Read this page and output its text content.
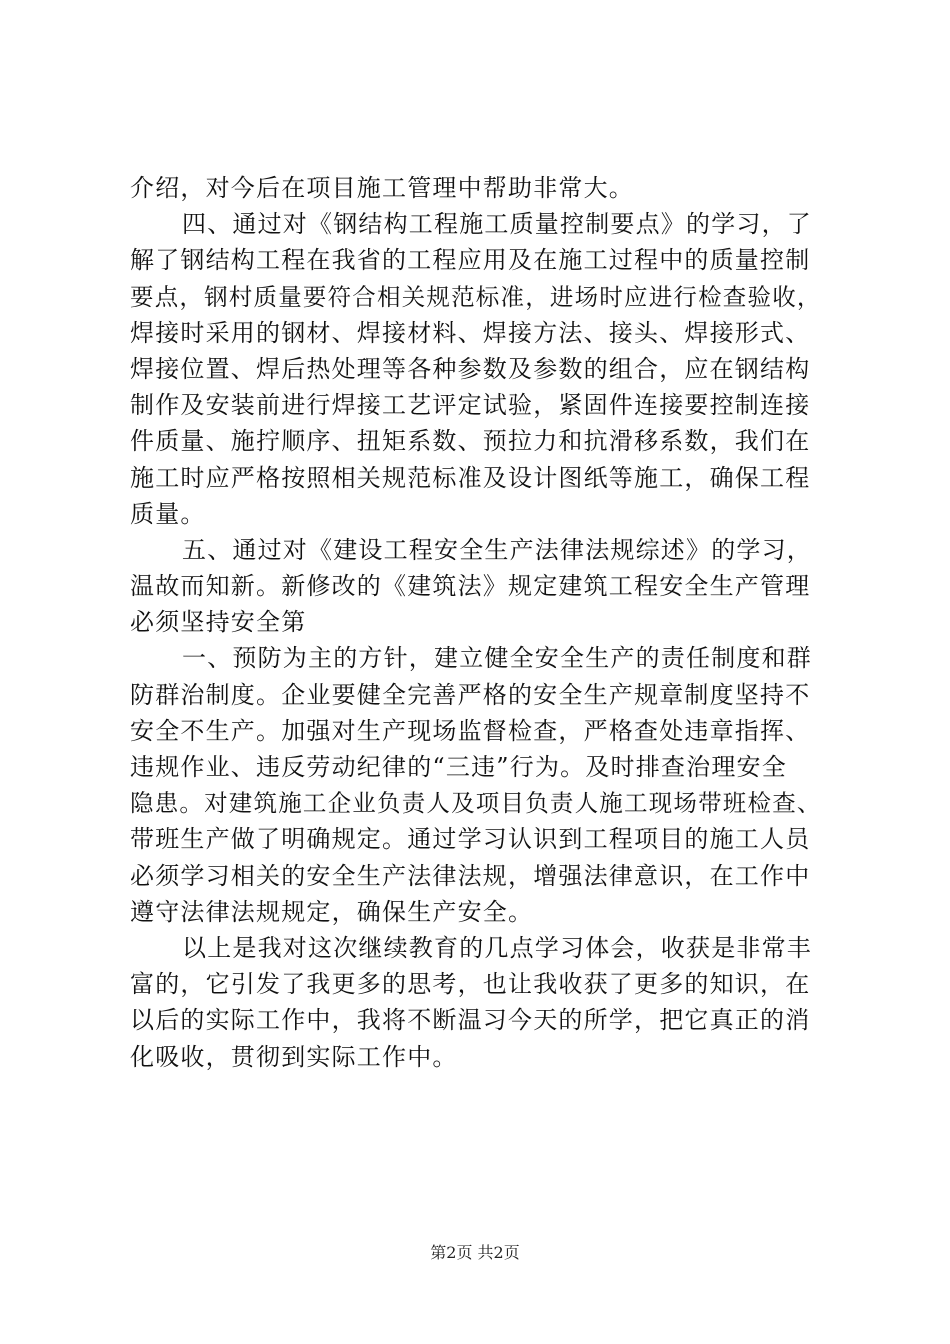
介绍，对今后在项目施工管理中帮助非常大。
四、通过对《钢结构工程施工质量控制要点》的学习，了
解了钢结构工程在我省的工程应用及在施工过程中的质量控制
要点，钢村质量要符合相关规范标准，进场时应进行检查验收，
焊接时采用的钢材、焊接材料、焊接方法、接头、焊接形式、
焊接位置、焊后热处理等各种参数及参数的组合，应在钢结构
制作及安装前进行焊接工艺评定试验，紧固件连接要控制连接
件质量、施拧顺序、扭矩系数、预拉力和抗滑移系数，我们在
施工时应严格按照相关规范标准及设计图纸等施工，确保工程
质量。
五、通过对《建设工程安全生产法律法规综述》的学习，
温故而知新。新修改的《建筑法》规定建筑工程安全生产管理
必须坚持安全第
一、预防为主的方针，建立健全安全生产的责任制度和群
防群治制度。企业要健全完善严格的安全生产规章制度坚持不
安全不生产。加强对生产现场监督检查，严格查处违章指挥、
违规作业、违反劳动纪律的“三违”行为。及时排查治理安全
隐患。对建筑施工企业负责人及项目负责人施工现场带班检查、
带班生产做了明确规定。通过学习认识到工程项目的施工人员
必须学习相关的安全生产法律法规，增强法律意识，在工作中
遵守法律法规规定，确保生产安全。
以上是我对这次继续教育的几点学习体会，收获是非常丰
富的，它引发了我更多的思考，也让我收获了更多的知识，在
以后的实际工作中，我将不断温习今天的所学，把它真正的消
化吸收，贯彻到实际工作中。
第2页 共2页
